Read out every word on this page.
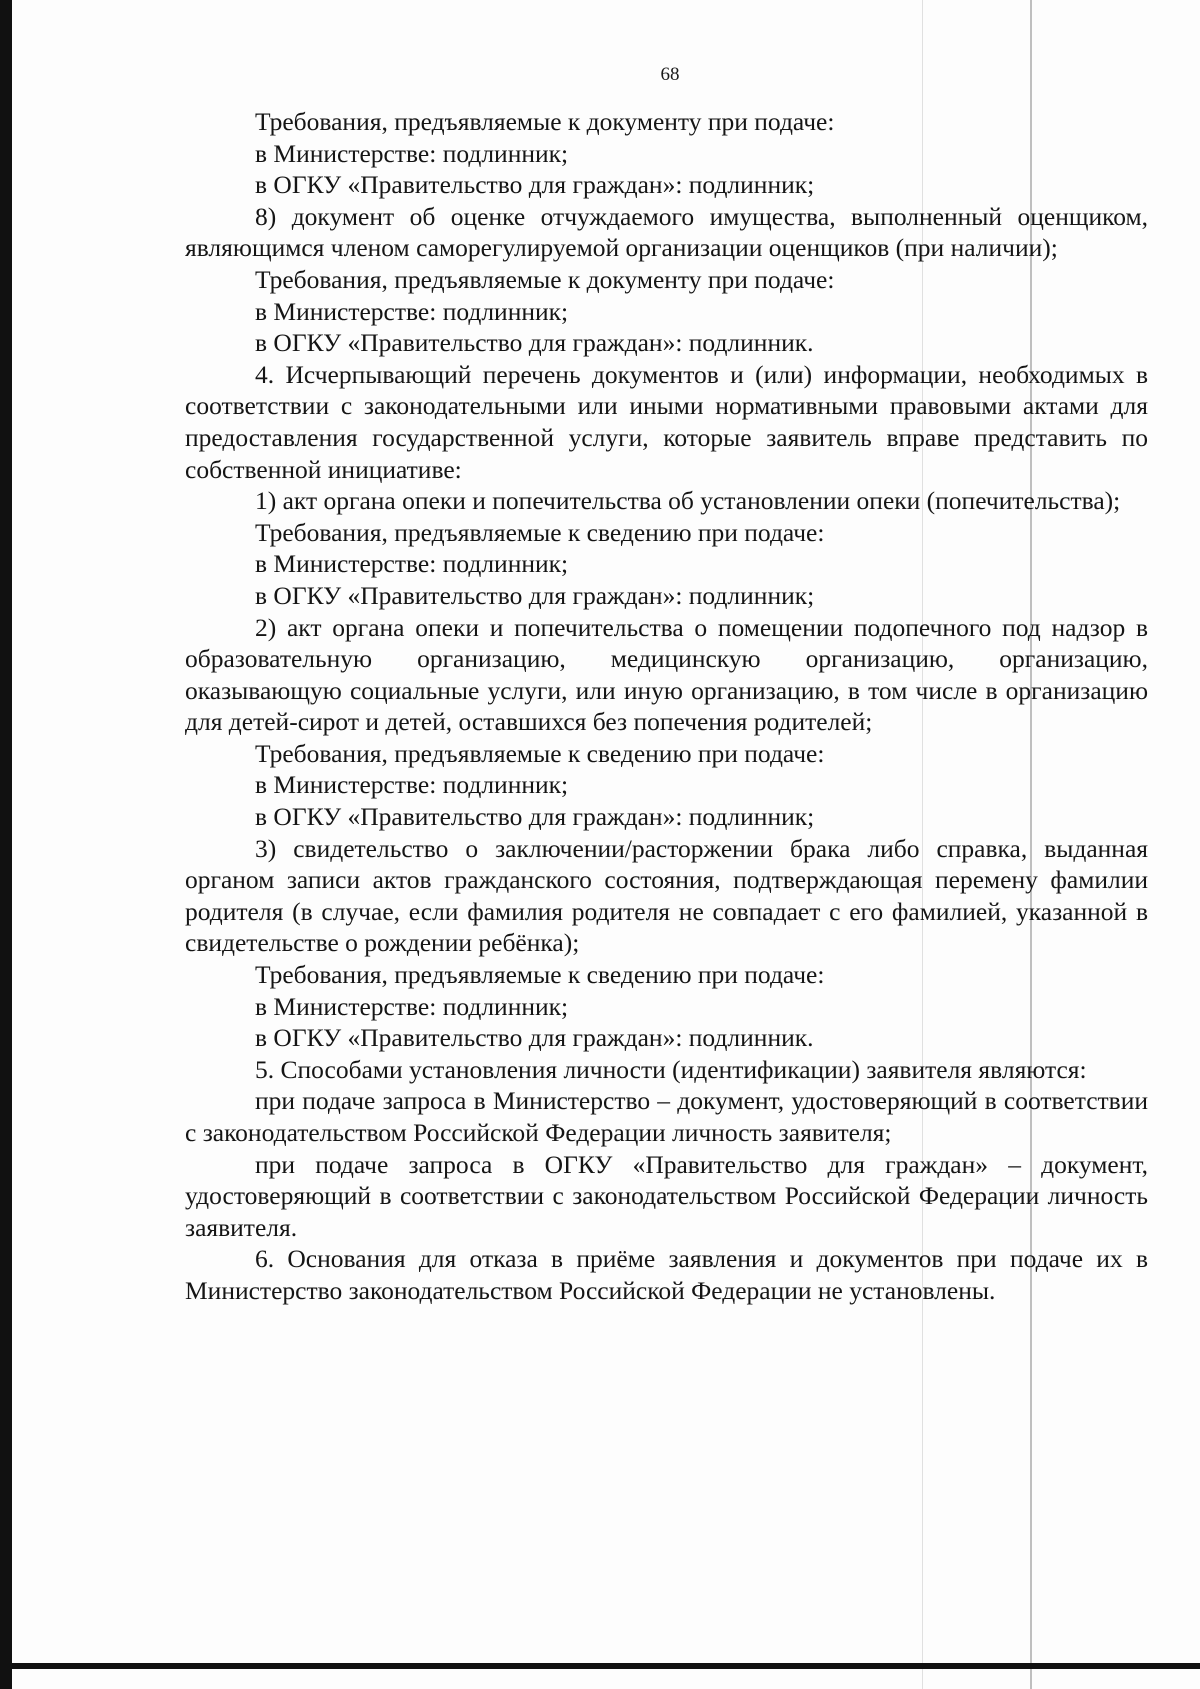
68

Требования, предъявляемые к документу при подаче:

в Министерстве: подлинник;

в ОГКУ «Правительство для граждан»: подлинник;

8) документ об оценке отчуждаемого имущества, выполненный оценщиком, являющимся членом саморегулируемой организации оценщиков (при наличии);

Требования, предъявляемые к документу при подаче:

в Министерстве: подлинник;

в ОГКУ «Правительство для граждан»: подлинник.

4. Исчерпывающий перечень документов и (или) информации, необходимых в соответствии с законодательными или иными нормативными правовыми актами для предоставления государственной услуги, которые заявитель вправе представить по собственной инициативе:

1) акт органа опеки и попечительства об установлении опеки (попечительства);

Требования, предъявляемые к сведению при подаче:

в Министерстве: подлинник;

в ОГКУ «Правительство для граждан»: подлинник;

2) акт органа опеки и попечительства о помещении подопечного под надзор в образовательную организацию, медицинскую организацию, организацию, оказывающую социальные услуги, или иную организацию, в том числе в организацию для детей-сирот и детей, оставшихся без попечения родителей;

Требования, предъявляемые к сведению при подаче:

в Министерстве: подлинник;

в ОГКУ «Правительство для граждан»: подлинник;

3) свидетельство о заключении/расторжении брака либо справка, выданная органом записи актов гражданского состояния, подтверждающая перемену фамилии родителя (в случае, если фамилия родителя не совпадает с его фамилией, указанной в свидетельстве о рождении ребёнка);

Требования, предъявляемые к сведению при подаче:

в Министерстве: подлинник;

в ОГКУ «Правительство для граждан»: подлинник.

5. Способами установления личности (идентификации) заявителя являются:

при подаче запроса в Министерство – документ, удостоверяющий в соответствии с законодательством Российской Федерации личность заявителя;

при подаче запроса в ОГКУ «Правительство для граждан» – документ, удостоверяющий в соответствии с законодательством Российской Федерации личность заявителя.

6. Основания для отказа в приёме заявления и документов при подаче их в Министерство законодательством Российской Федерации не установлены.
